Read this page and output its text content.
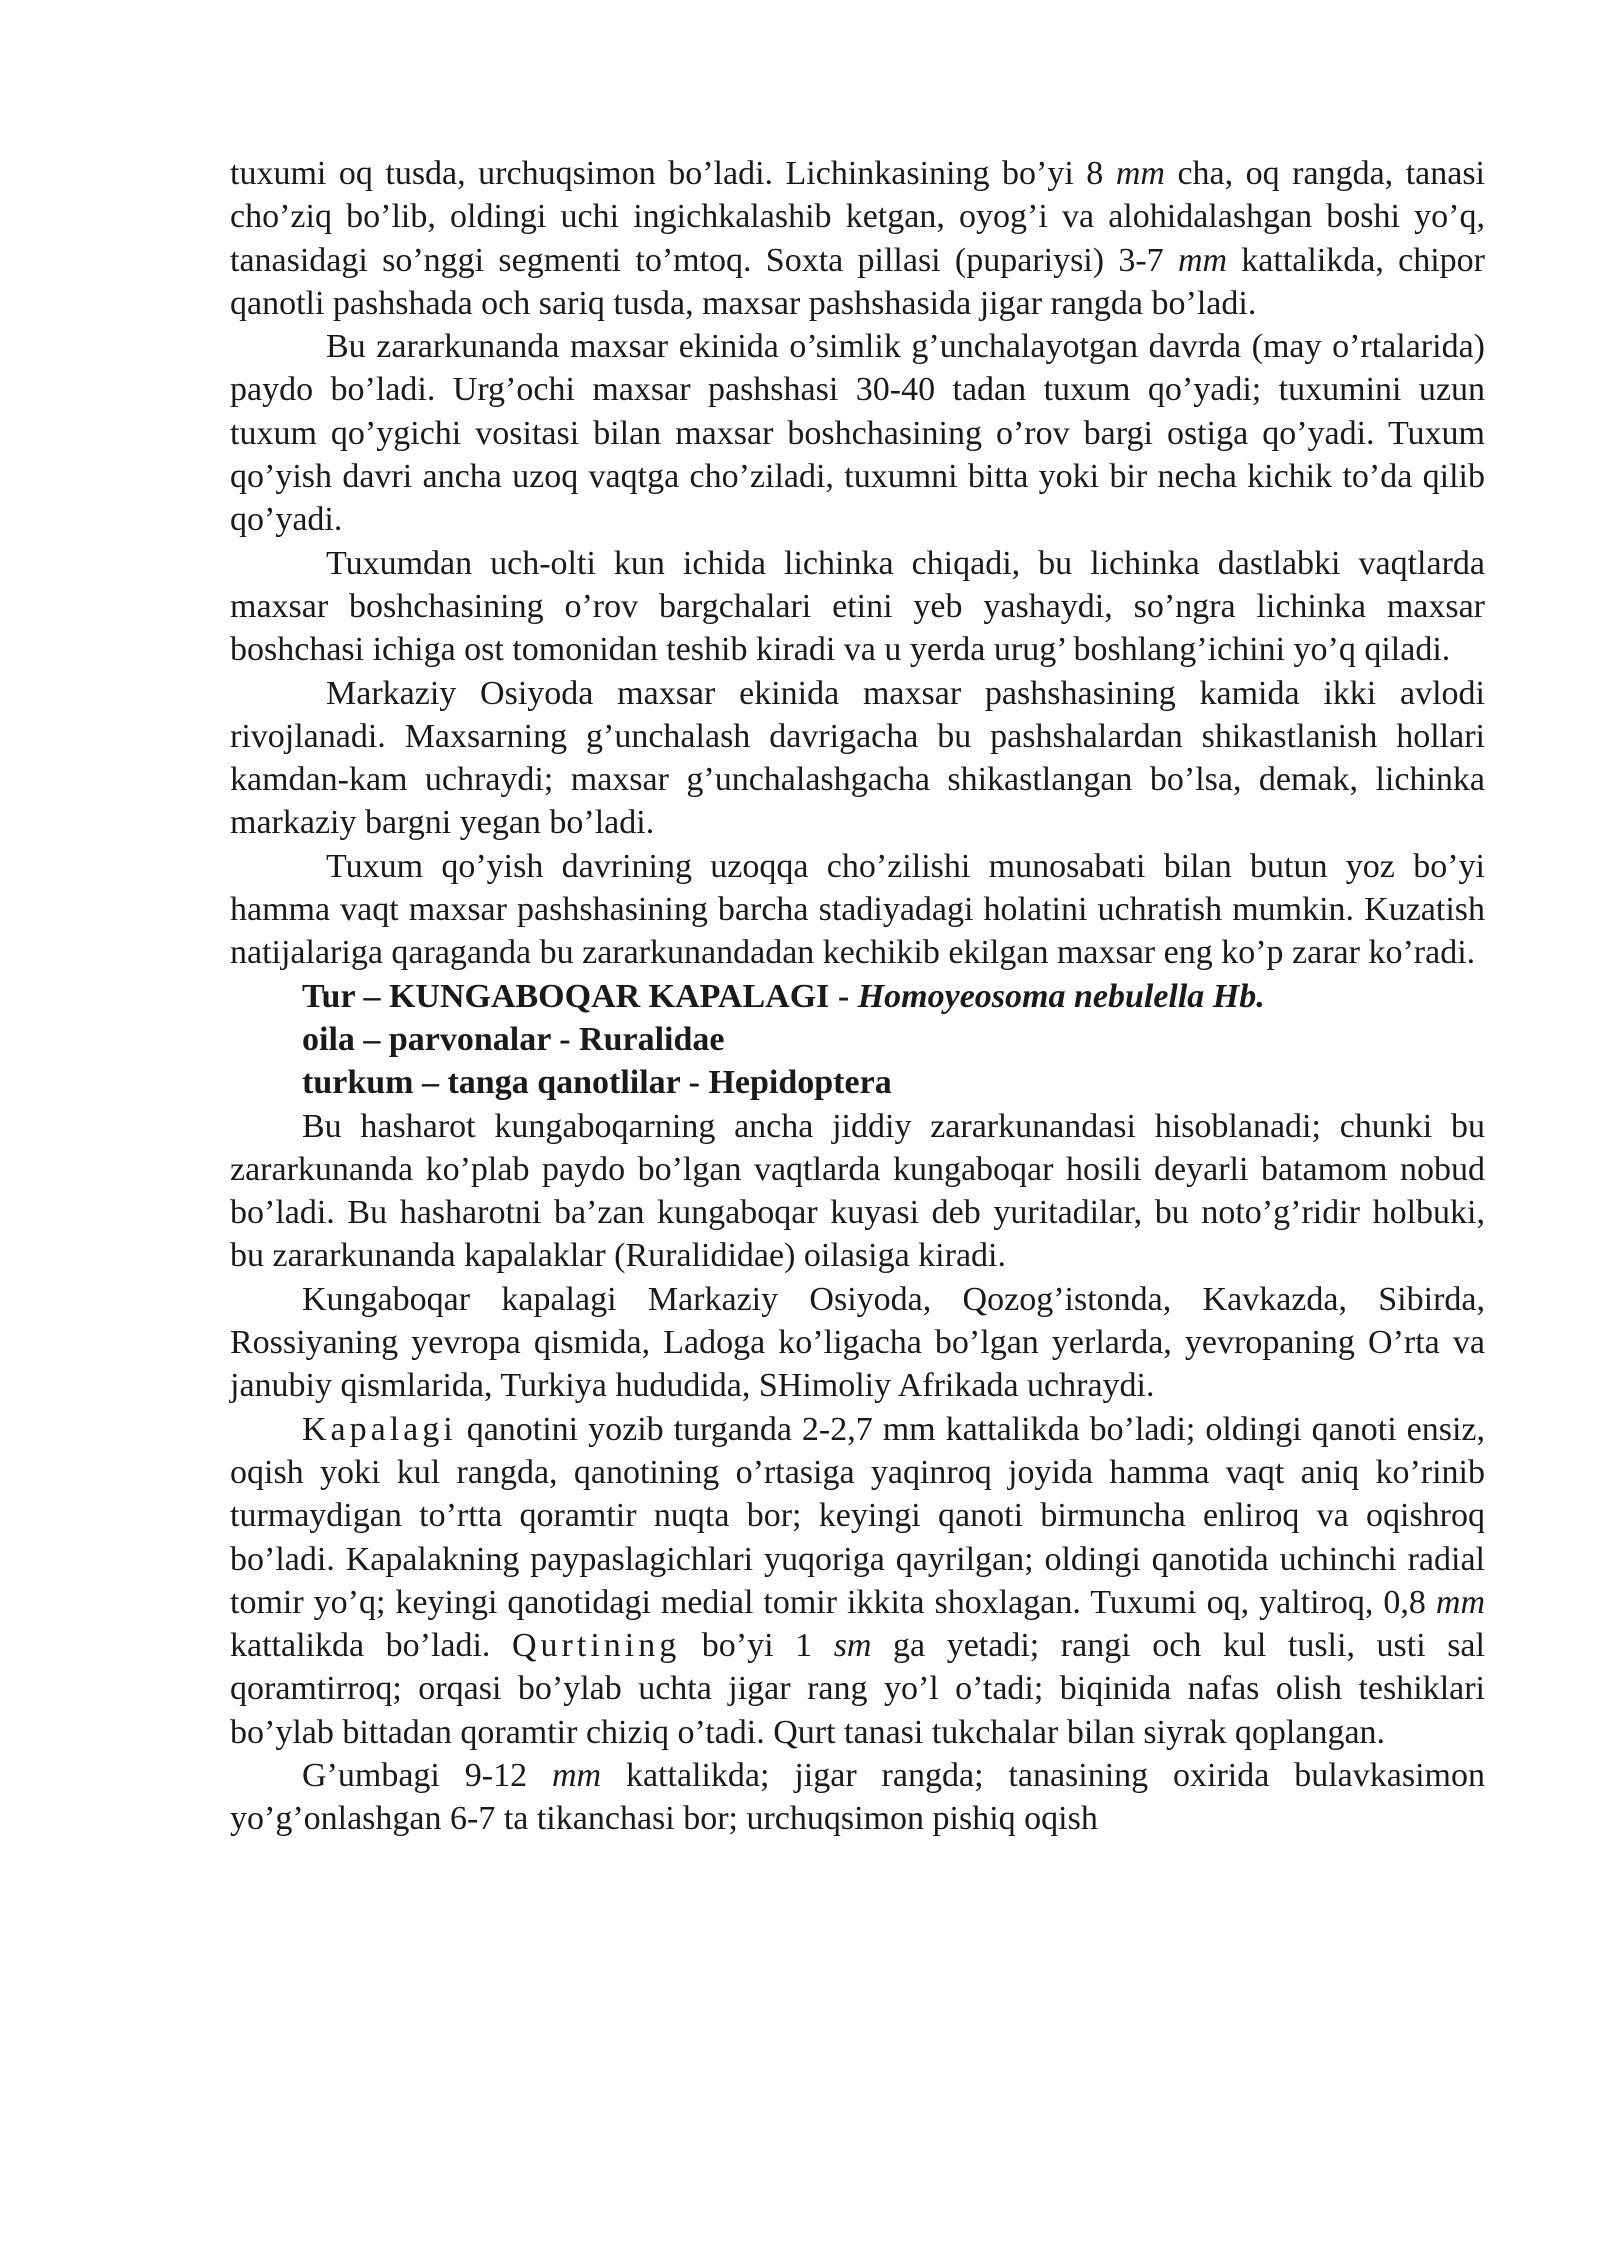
tuxumi oq tusda, urchuqsimon bo’ladi. Lichinkasining bo’yi 8 mm cha, oq rangda, tanasi cho’ziq bo’lib, oldingi uchi ingichkalashib ketgan, oyog’i va alohidalashgan boshi yo’q, tanasidagi so’nggi segmenti to’mtoq. Soxta pillasi (pupariysi) 3-7 mm kattalikda, chipor qanotli pashshada och sariq tusda, maxsar pashshasida jigar rangda bo’ladi.

Bu zararkunanda maxsar ekinida o’simlik g’unchalayotgan davrda (may o’rtalarida) paydo bo’ladi. Urg’ochi maxsar pashshasi 30-40 tadan tuxum qo’yadi; tuxumini uzun tuxum qo’ygichi vositasi bilan maxsar boshchasining o’rov bargi ostiga qo’yadi. Tuxum qo’yish davri ancha uzoq vaqtga cho’ziladi, tuxumni bitta yoki bir necha kichik to’da qilib qo’yadi.

Tuxumdan uch-olti kun ichida lichinka chiqadi, bu lichinka dastlabki vaqtlarda maxsar boshchasining o’rov bargchalari etini yeb yashaydi, so’ngra lichinka maxsar boshchasi ichiga ost tomonidan teshib kiradi va u yerda urug’ boshlang’ichini yo’q qiladi.

Markaziy Osiyoda maxsar ekinida maxsar pashshasining kamida ikki avlodi rivojlanadi. Maxsarning g’unchalash davrigacha bu pashshalardan shikastlanish hollari kamdan-kam uchraydi; maxsar g’unchalashgacha shikastlangan bo’lsa, demak, lichinka markaziy bargni yegan bo’ladi.

Tuxum qo’yish davrining uzoqqa cho’zilishi munosabati bilan butun yoz bo’yi hamma vaqt maxsar pashshasining barcha stadiyadagi holatini uchratish mumkin. Kuzatish natijalariga qaraganda bu zararkunandadan kechikib ekilgan maxsar eng ko’p zarar ko’radi.

Tur – KUNGABOQAR KAPALAGI - Homoyeosoma nebulella Hb.

oila – parvonalar - Ruralidae

turkum – tanga qanotlilar - Hepidoptera

Bu hasharot kungaboqarning ancha jiddiy zararkunandasi hisoblanadi; chunki bu zararkunanda ko’plab paydo bo’lgan vaqtlarda kungaboqar hosili deyarli batamom nobud bo’ladi. Bu hasharotni ba’zan kungaboqar kuyasi deb yuritadilar, bu noto’g’ridir holbuki, bu zararkunanda kapalaklar (Ruralididae) oilasiga kiradi.

Kungaboqar kapalagi Markaziy Osiyoda, Qozog’istonda, Kavkazda, Sibirda, Rossiyaning yevropa qismida, Ladoga ko’ligacha bo’lgan yerlarda, yevropaning O’rta va janubiy qismlarida, Turkiya hududida, SHimoliy Afrikada uchraydi.

Kapalagi qanotini yozib turganda 2-2,7 mm kattalikda bo’ladi; oldingi qanoti ensiz, oqish yoki kul rangda, qanotining o’rtasiga yaqinroq joyida hamma vaqt aniq ko’rinib turmaydigan to’rtta qoramtir nuqta bor; keyingi qanoti birmuncha enliroq va oqishroq bo’ladi. Kapalakning paypaslagichlari yuqoriga qayrilgan; oldingi qanotida uchinchi radial tomir yo’q; keyingi qanotidagi medial tomir ikkita shoxlagan. Tuxumi oq, yaltiroq, 0,8 mm kattalikda bo’ladi. Qurtining bo’yi 1 sm ga yetadi; rangi och kul tusli, usti sal qoramtirroq; orqasi bo’ylab uchta jigar rang yo’l o’tadi; biqinida nafas olish teshiklari bo’ylab bittadan qoramtir chiziq o’tadi. Qurt tanasi tukchalar bilan siyrak qoplangan.

G’umbagi 9-12 mm kattalikda; jigar rangda; tanasining oxirida bulavkasimon yo’g’onlashgan 6-7 ta tikanchasi bor; urchuqsimon pishiq oqish
